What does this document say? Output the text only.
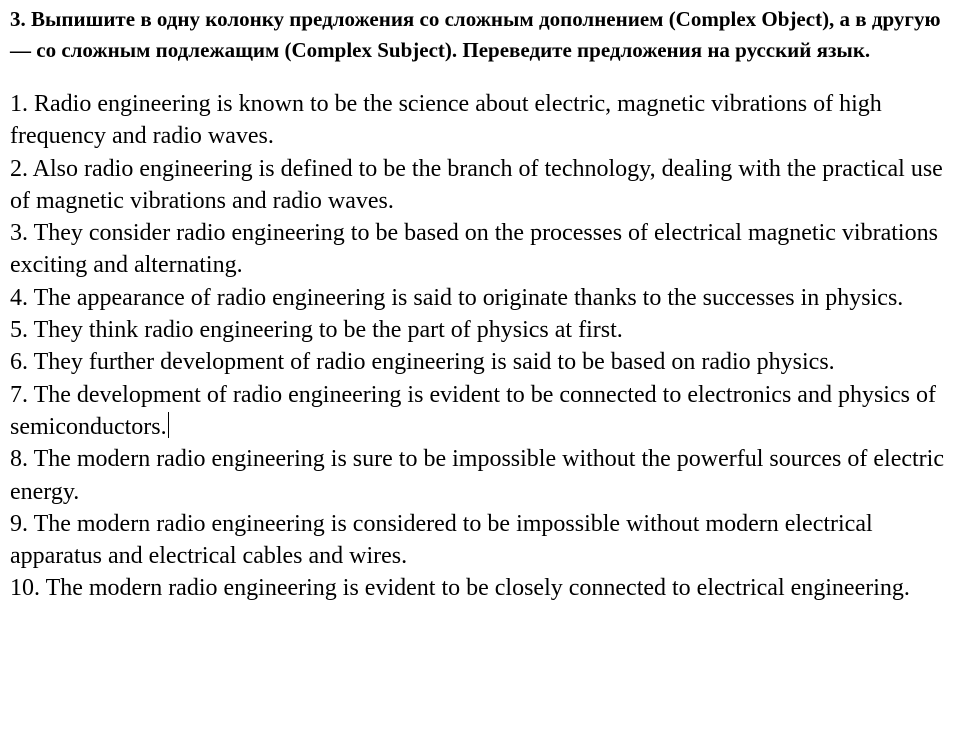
3. Выпишите в одну колонку предложения со сложным дополнением (Complex Object), а в другую — со сложным подлежащим (Complex Subject). Переведите предложения на русский язык.

1. Radio engineering is known to be the science about electric, magnetic vibrations of high frequency and radio waves.
2. Also radio engineering is defined to be the branch of technology, dealing with the practical use of magnetic vibrations and radio waves.
3. They consider radio engineering to be based on the processes of electrical magnetic vibrations exciting and alternating.
4. The appearance of radio engineering is said to originate thanks to the successes in physics.
5. They think radio engineering to be the part of physics at first.
6. They further development of radio engineering is said to be based on radio physics.
7. The development of radio engineering is evident to be connected to electronics and physics of semiconductors.
8. The modern radio engineering is sure to be impossible without the powerful sources of electric energy.
9. The modern radio engineering is considered to be impossible without modern electrical apparatus and electrical cables and wires.
10. The modern radio engineering is evident to be closely connected to electrical engineering.
